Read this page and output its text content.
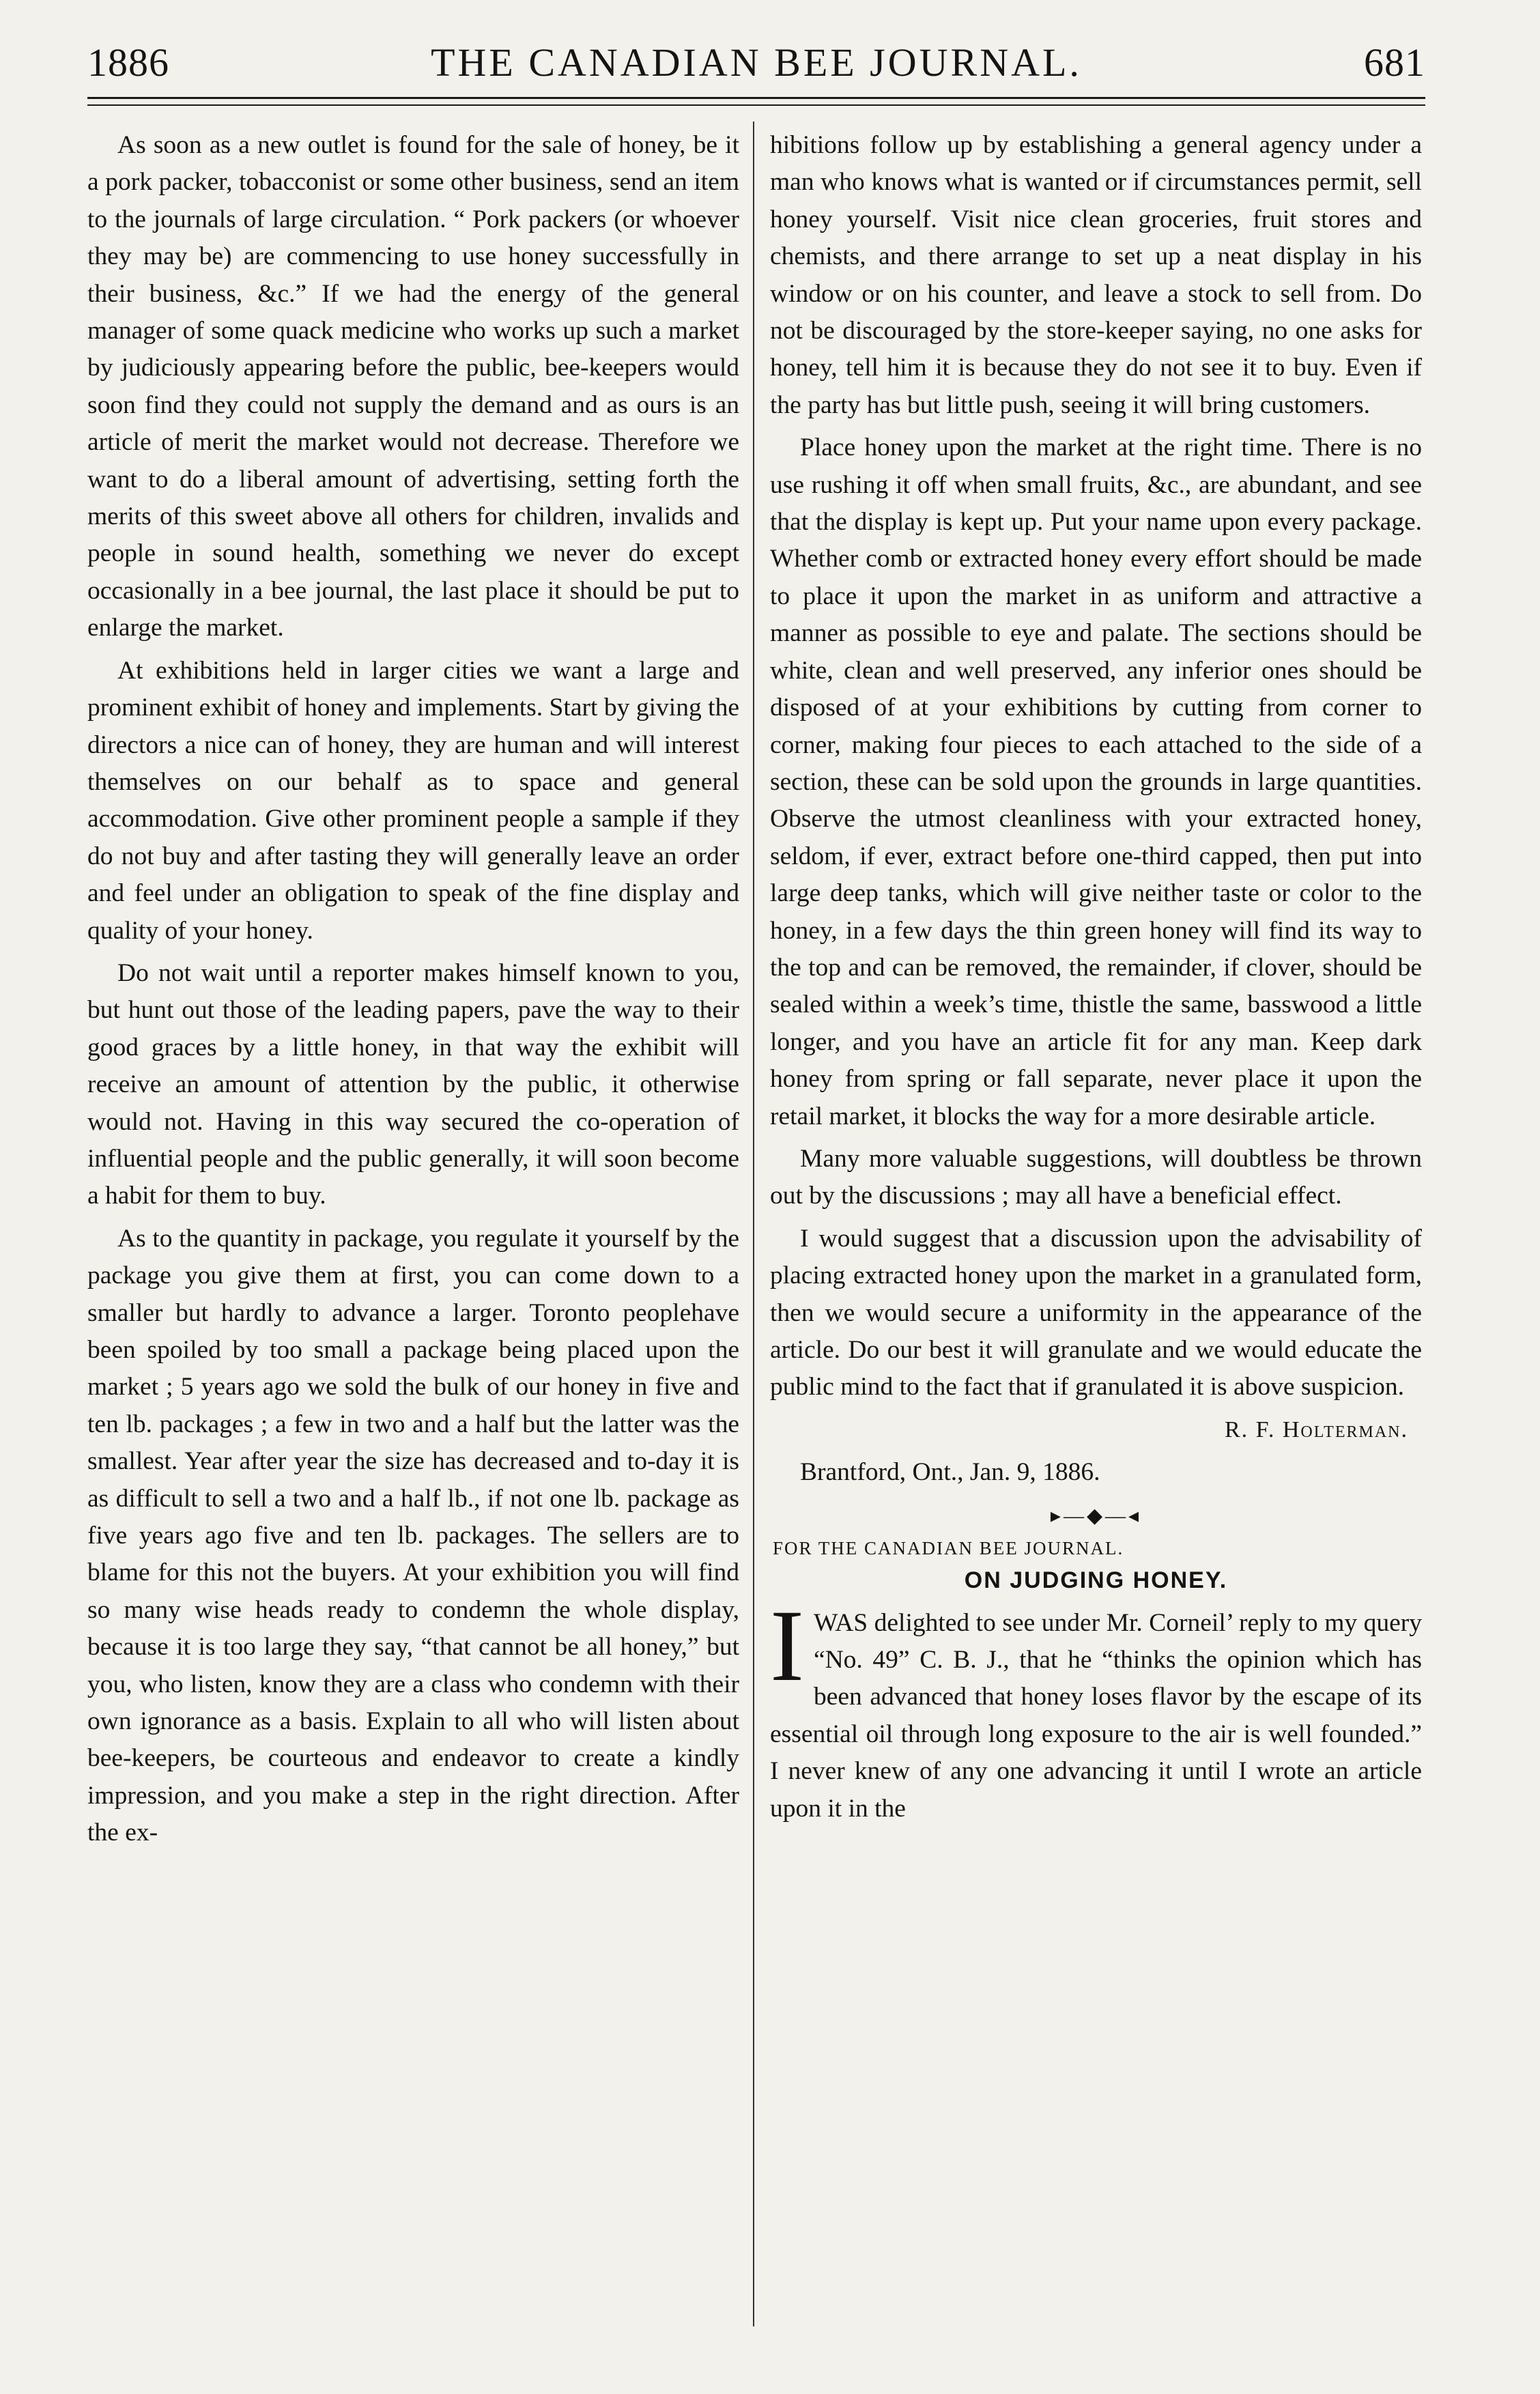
1886	THE CANADIAN BEE JOURNAL.	681

As soon as a new outlet is found for the sale of honey, be it a pork packer, tobacconist or some other business, send an item to the journals of large circulation. “ Pork packers (or whoever they may be) are commencing to use honey successfully in their business, &c.” If we had the energy of the general manager of some quack medicine who works up such a market by judiciously appearing before the public, bee-keepers would soon find they could not supply the demand and as ours is an article of merit the market would not decrease. Therefore we want to do a liberal amount of advertising, setting forth the merits of this sweet above all others for children, invalids and people in sound health, something we never do except occasionally in a bee journal, the last place it should be put to enlarge the market.

At exhibitions held in larger cities we want a large and prominent exhibit of honey and implements. Start by giving the directors a nice can of honey, they are human and will interest themselves on our behalf as to space and general accommodation. Give other prominent people a sample if they do not buy and after tasting they will generally leave an order and feel under an obligation to speak of the fine display and quality of your honey.

Do not wait until a reporter makes himself known to you, but hunt out those of the leading papers, pave the way to their good graces by a little honey, in that way the exhibit will receive an amount of attention by the public, it otherwise would not. Having in this way secured the co-operation of influential people and the public generally, it will soon become a habit for them to buy.

As to the quantity in package, you regulate it yourself by the package you give them at first, you can come down to a smaller but hardly to advance a larger. Toronto peoplehave been spoiled by too small a package being placed upon the market ; 5 years ago we sold the bulk of our honey in five and ten lb. packages ; a few in two and a half but the latter was the smallest. Year after year the size has decreased and to-day it is as difficult to sell a two and a half lb., if not one lb. package as five years ago five and ten lb. packages. The sellers are to blame for this not the buyers. At your exhibition you will find so many wise heads ready to condemn the whole display, because it is too large they say, “that cannot be all honey,” but you, who listen, know they are a class who condemn with their own ignorance as a basis. Explain to all who will listen about bee-keepers, be courteous and endeavor to create a kindly impression, and you make a step in the right direction. After the ex-

hibitions follow up by establishing a general agency under a man who knows what is wanted or if circumstances permit, sell honey yourself. Visit nice clean groceries, fruit stores and chemists, and there arrange to set up a neat display in his window or on his counter, and leave a stock to sell from. Do not be discouraged by the store-keeper saying, no one asks for honey, tell him it is because they do not see it to buy. Even if the party has but little push, seeing it will bring customers.

Place honey upon the market at the right time. There is no use rushing it off when small fruits, &c., are abundant, and see that the display is kept up. Put your name upon every package. Whether comb or extracted honey every effort should be made to place it upon the market in as uniform and attractive a manner as possible to eye and palate. The sections should be white, clean and well preserved, any inferior ones should be disposed of at your exhibitions by cutting from corner to corner, making four pieces to each attached to the side of a section, these can be sold upon the grounds in large quantities. Observe the utmost cleanliness with your extracted honey, seldom, if ever, extract before one-third capped, then put into large deep tanks, which will give neither taste or color to the honey, in a few days the thin green honey will find its way to the top and can be removed, the remainder, if clover, should be sealed within a week’s time, thistle the same, basswood a little longer, and you have an article fit for any man. Keep dark honey from spring or fall separate, never place it upon the retail market, it blocks the way for a more desirable article.

Many more valuable suggestions, will doubtless be thrown out by the discussions ; may all have a beneficial effect.

I would suggest that a discussion upon the advisability of placing extracted honey upon the market in a granulated form, then we would secure a uniformity in the appearance of the article. Do our best it will granulate and we would educate the public mind to the fact that if granulated it is above suspicion.

R. F. Holterman.

Brantford, Ont., Jan. 9, 1886.

▸—◆—◂
FOR THE CANADIAN BEE JOURNAL.
ON JUDGING HONEY.

IWAS delighted to see under Mr. Corneil’ reply to my query “No. 49” C. B. J., that he “thinks the opinion which has been advanced that honey loses flavor by the escape of its essential oil through long exposure to the air is well founded.” I never knew of any one advancing it until I wrote an article upon it in the
